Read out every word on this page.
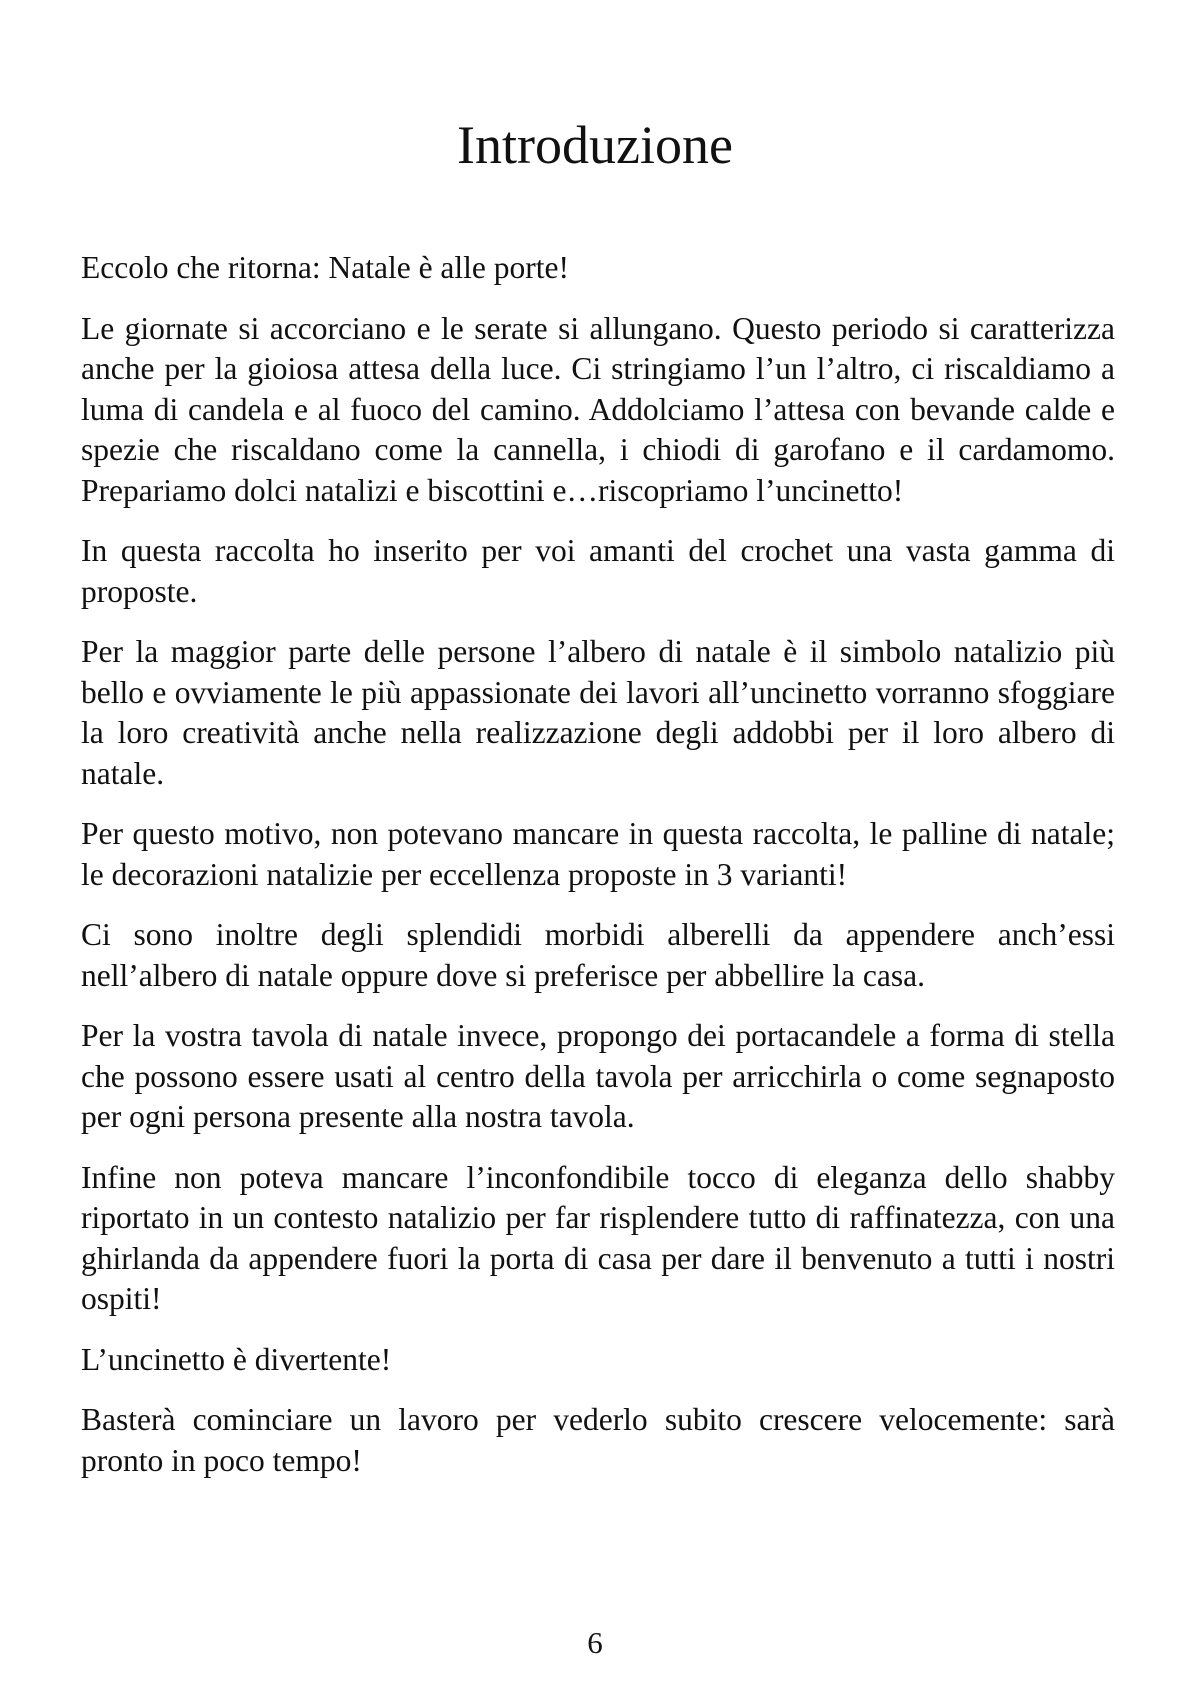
Introduzione

Eccolo che ritorna: Natale è alle porte!

Le giornate si accorciano e le serate si allungano. Questo periodo si caratterizza anche per la gioiosa attesa della luce. Ci stringiamo l’un l’altro, ci riscaldiamo a luma di candela e al fuoco del camino. Addolciamo l’attesa con bevande calde e spezie che riscaldano come la cannella, i chiodi di garofano e il cardamomo. Prepariamo dolci natalizi e biscottini e…riscopriamo l’uncinetto!

In questa raccolta ho inserito per voi amanti del crochet una vasta gamma di proposte.

Per la maggior parte delle persone l’albero di natale è il simbolo natalizio più bello e ovviamente le più appassionate dei lavori all’uncinetto vorranno sfoggiare la loro creatività anche nella realizzazione degli addobbi per il loro albero di natale.

Per questo motivo, non potevano mancare in questa raccolta, le palline di natale; le decorazioni natalizie per eccellenza proposte in 3 varianti!

Ci sono inoltre degli splendidi morbidi alberelli da appendere anch’essi nell’albero di natale oppure dove si preferisce per abbellire la casa.

Per la vostra tavola di natale invece, propongo dei portacandele a forma di stella che possono essere usati al centro della tavola per arricchirla o come segnaposto per ogni persona presente alla nostra tavola.

Infine non poteva mancare l’inconfondibile tocco di eleganza dello shabby riportato in un contesto natalizio per far risplendere tutto di raffinatezza, con una ghirlanda da appendere fuori la porta di casa per dare il benvenuto a tutti i nostri ospiti!

L’uncinetto è divertente!

Basterà cominciare un lavoro per vederlo subito crescere velocemente: sarà pronto in poco tempo!

6
